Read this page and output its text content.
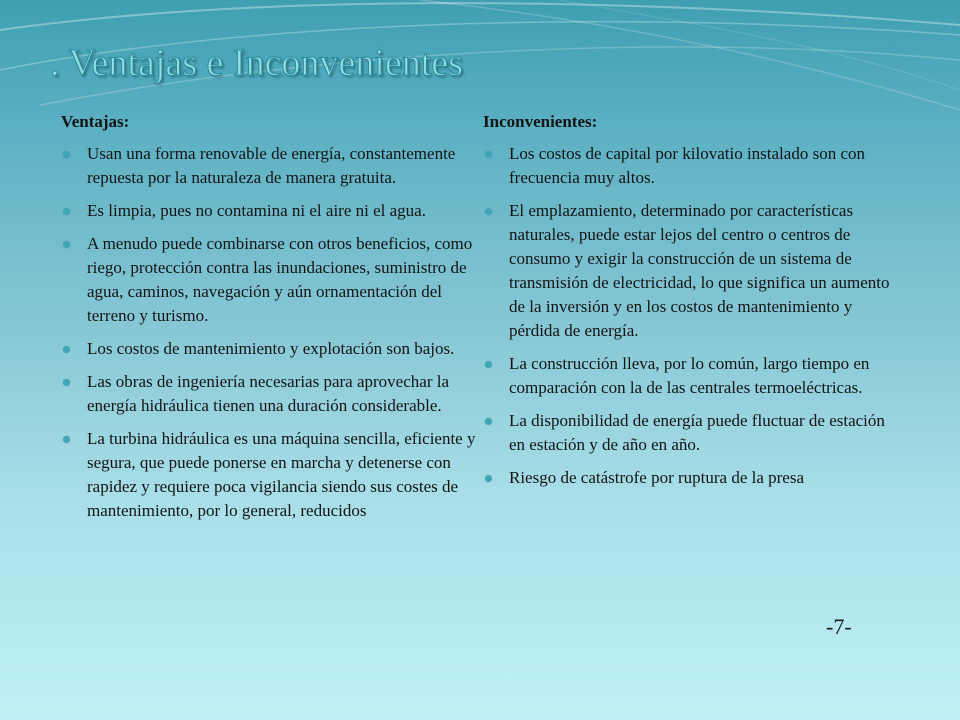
. Ventajas e Inconvenientes
Ventajas:
Usan una forma renovable de energía, constantemente repuesta por la naturaleza de manera gratuita.
Es limpia, pues no contamina ni el aire ni el agua.
A menudo puede combinarse con otros beneficios, como riego, protección contra las inundaciones, suministro de agua, caminos, navegación y aún ornamentación del terreno y turismo.
Los costos de mantenimiento y explotación son bajos.
Las obras de ingeniería necesarias para aprovechar la energía hidráulica tienen una duración considerable.
La turbina hidráulica es una máquina sencilla, eficiente y segura, que puede ponerse en marcha y detenerse con rapidez y requiere poca vigilancia siendo sus costes de mantenimiento, por lo general, reducidos
Inconvenientes:
Los costos de capital por kilovatio instalado son con frecuencia muy altos.
El emplazamiento, determinado por características naturales, puede estar lejos del centro o centros de consumo y exigir la construcción de un sistema de transmisión de electricidad, lo que significa un aumento de la inversión y en los costos de mantenimiento y pérdida de energía.
La construcción lleva, por lo común, largo tiempo en comparación con la de las centrales termoeléctricas.
La disponibilidad de energía puede fluctuar de estación en estación y de año en año.
Riesgo de catástrofe por ruptura de la presa
-7-
